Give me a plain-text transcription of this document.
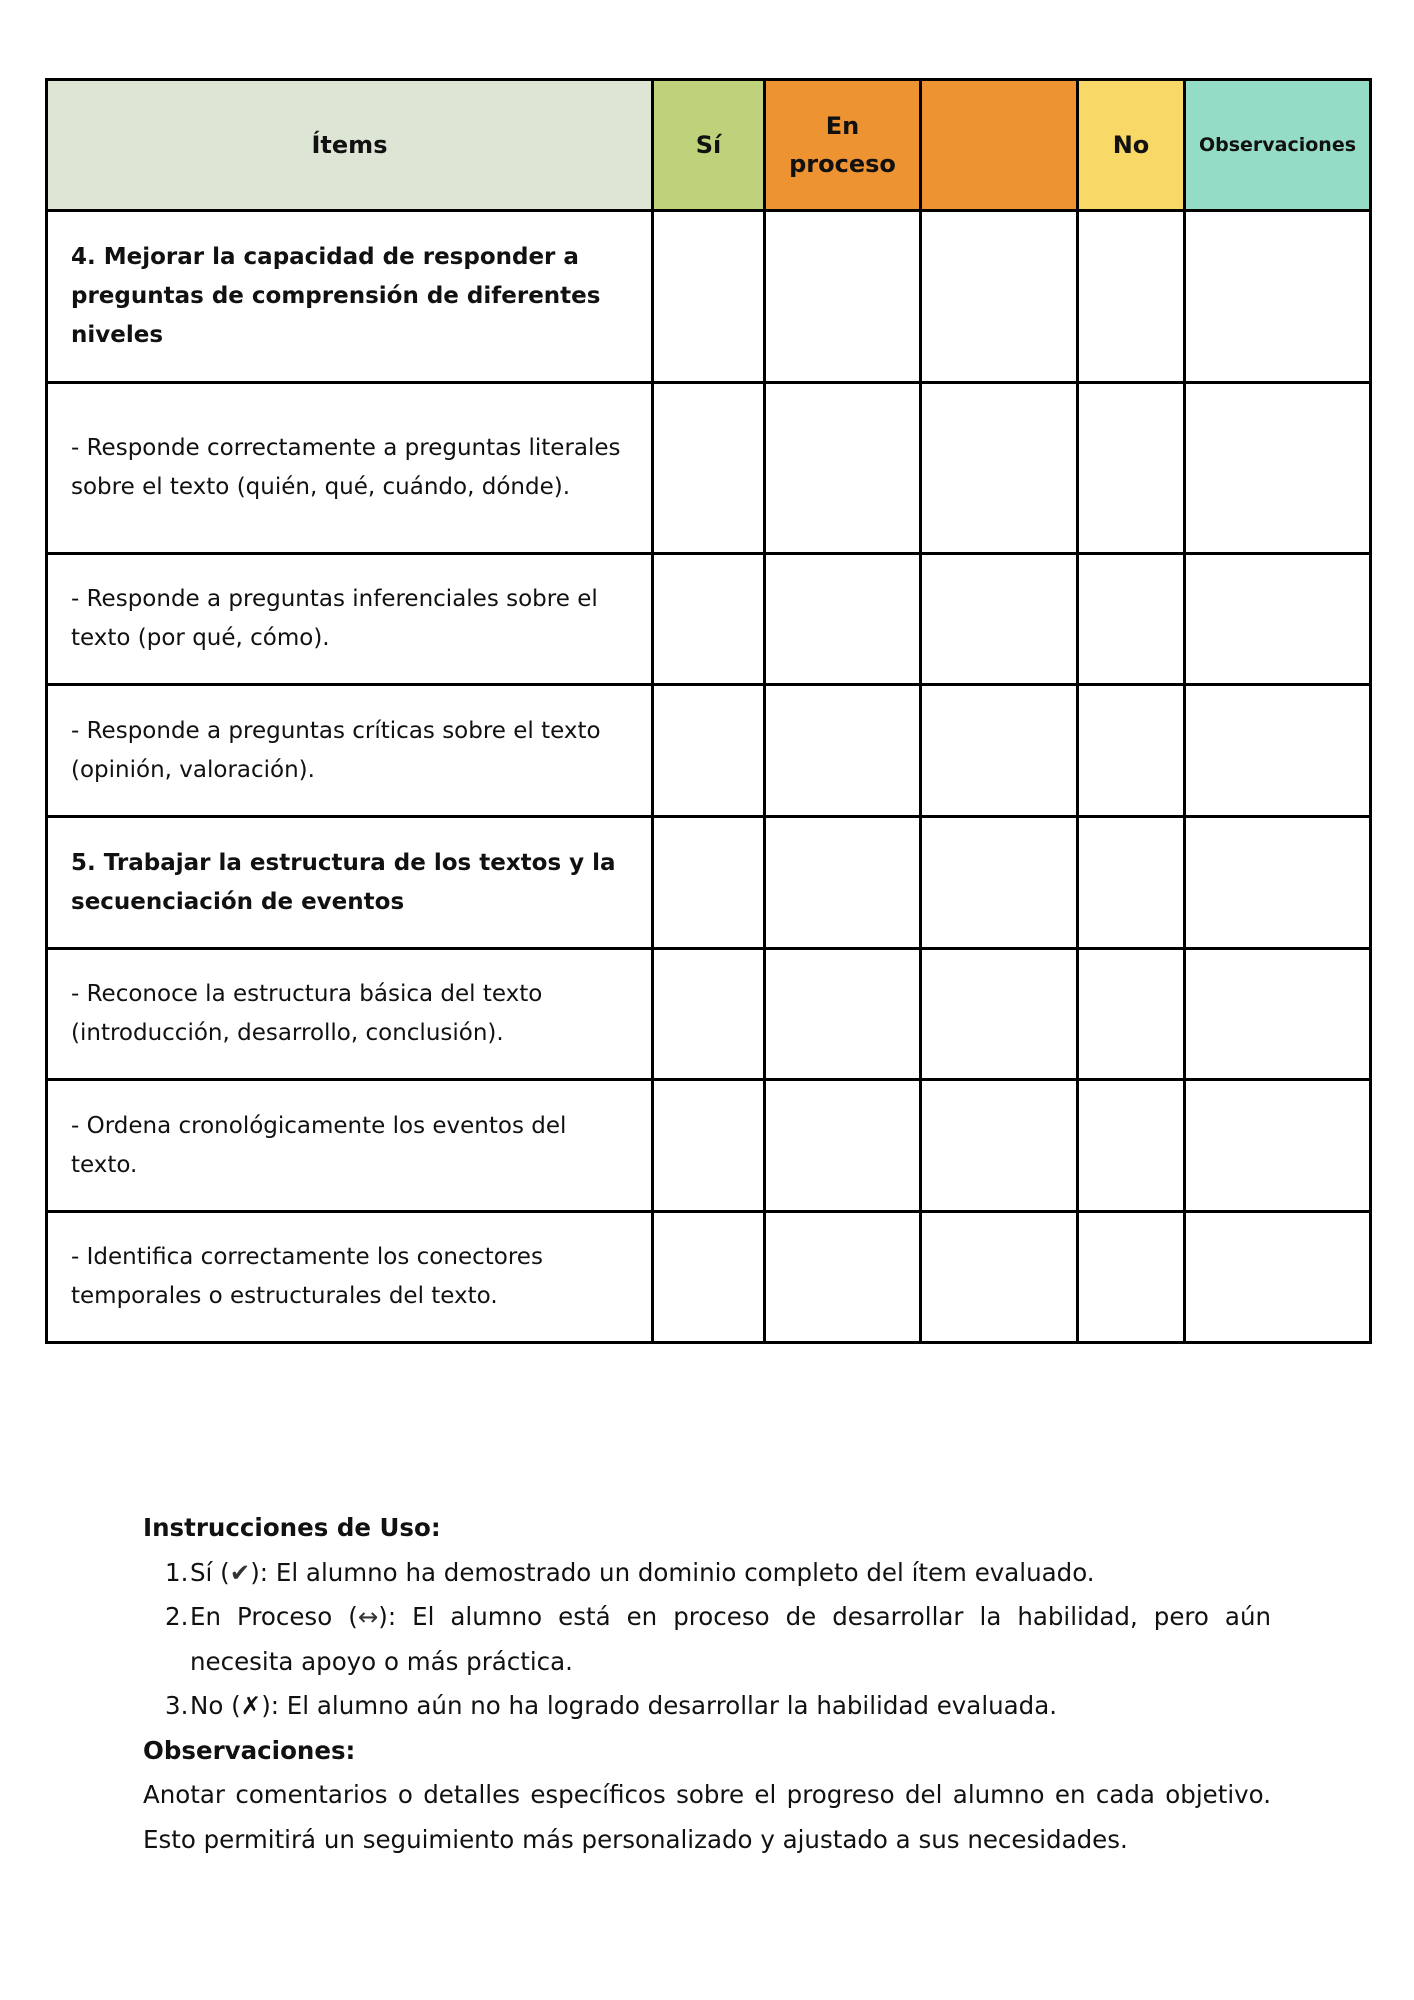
Ítems	Sí	En proceso		No	Observaciones
4. Mejorar la capacidad de responder a preguntas de comprensión de diferentes niveles					
- Responde correctamente a preguntas literales sobre el texto (quién, qué, cuándo, dónde).					
- Responde a preguntas inferenciales sobre el texto (por qué, cómo).					
- Responde a preguntas críticas sobre el texto (opinión, valoración).					
5. Trabajar la estructura de los textos y la secuenciación de eventos					
- Reconoce la estructura básica del texto (introducción, desarrollo, conclusión).					
- Ordena cronológicamente los eventos del texto.					
- Identifica correctamente los conectores temporales o estructurales del texto.					
Instrucciones de Uso:
1. Sí (✔): El alumno ha demostrado un dominio completo del ítem evaluado.
2. En Proceso (↔): El alumno está en proceso de desarrollar la habilidad, pero aún necesita apoyo o más práctica.
3. No (✗): El alumno aún no ha logrado desarrollar la habilidad evaluada.
Observaciones:

Anotar comentarios o detalles específicos sobre el progreso del alumno en cada objetivo. Esto permitirá un seguimiento más personalizado y ajustado a sus necesidades.
